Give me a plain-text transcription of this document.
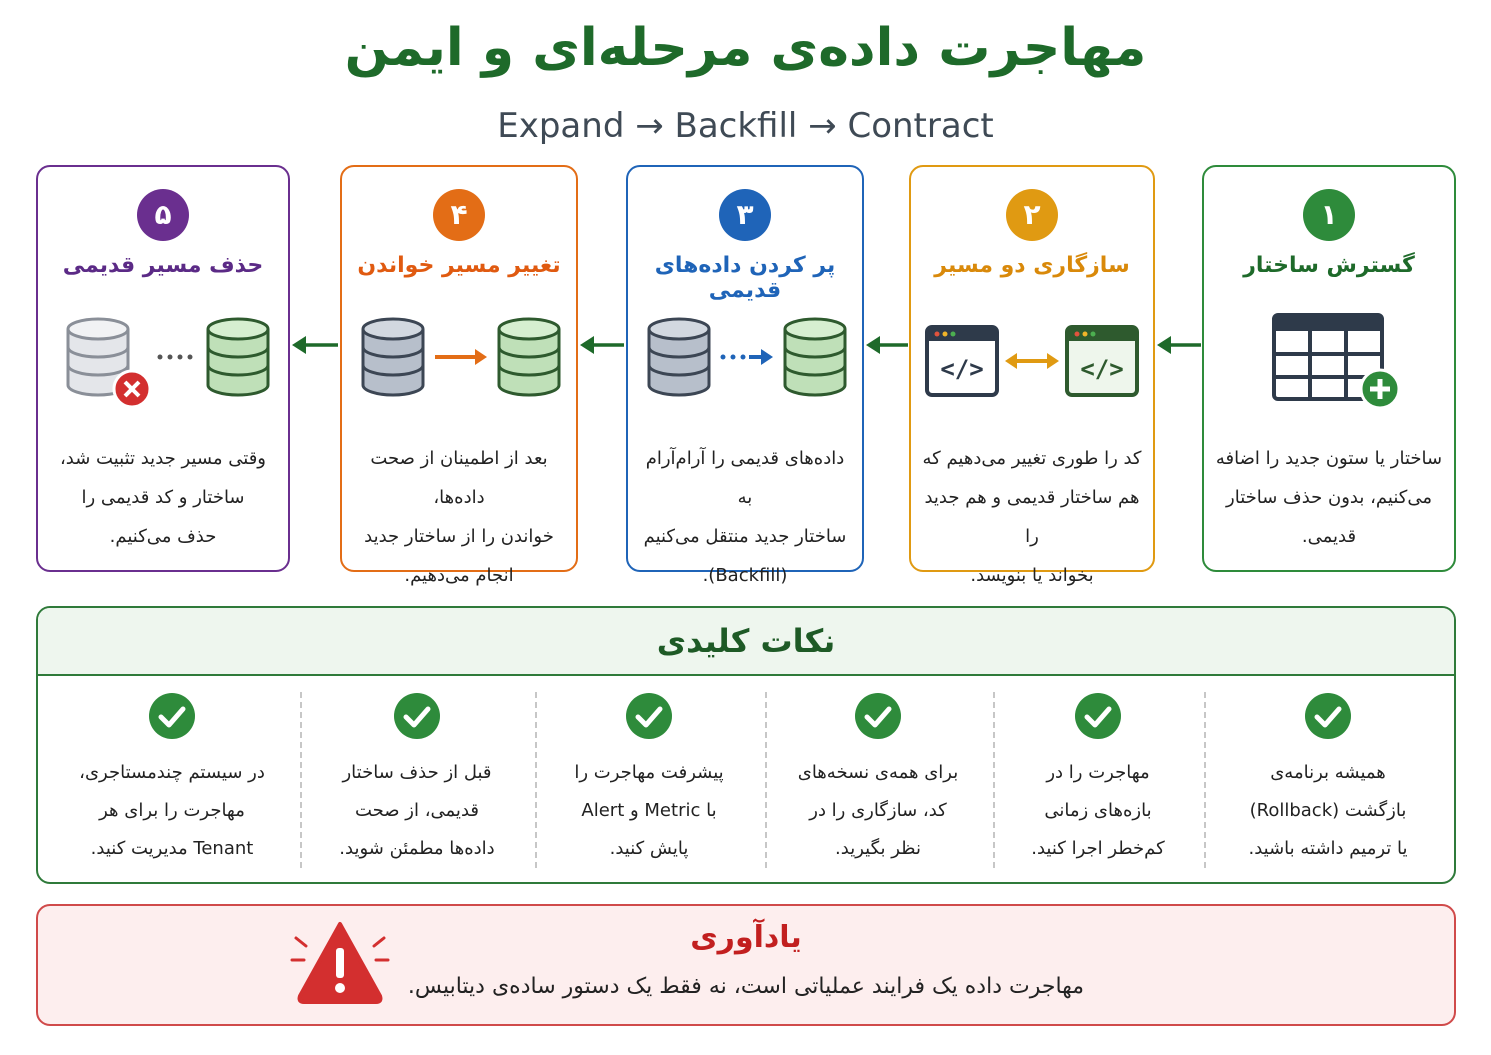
مهاجرت داده‌ی مرحله‌ای و ایمن
Expand → Backfill → Contract
۱
گسترش ساختار
ساختار یا ستون جدید را اضافه
می‌کنیم، بدون حذف ساختار
قدیمی.
۲
سازگاری دو مسیر
</>	</>
کد را طوری تغییر می‌دهیم که
هم ساختار قدیمی و هم جدید را
بخواند یا بنویسد.
۳
پر کردن داده‌های قدیمی
داده‌های قدیمی را آرام‌آرام به
ساختار جدید منتقل می‌کنیم
(Backfill).
۴
تغییر مسیر خواندن
بعد از اطمینان از صحت داده‌ها،
خواندن را از ساختار جدید
انجام می‌دهیم.
۵
حذف مسیر قدیمی
وقتی مسیر جدید تثبیت شد،
ساختار و کد قدیمی را
حذف می‌کنیم.
نکات کلیدی
همیشه برنامه‌ی
بازگشت (Rollback)
یا ترمیم داشته باشید.
مهاجرت را در
بازه‌های زمانی
کم‌خطر اجرا کنید.
برای همه‌ی نسخه‌های
کد، سازگاری را در
نظر بگیرید.
پیشرفت مهاجرت را
با Metric و Alert
پایش کنید.
قبل از حذف ساختار
قدیمی، از صحت
داده‌ها مطمئن شوید.
در سیستم چندمستاجری،
مهاجرت را برای هر
Tenant مدیریت کنید.
یادآوری
مهاجرت داده یک فرایند عملیاتی است، نه فقط یک دستور ساده‌ی دیتابیس.
